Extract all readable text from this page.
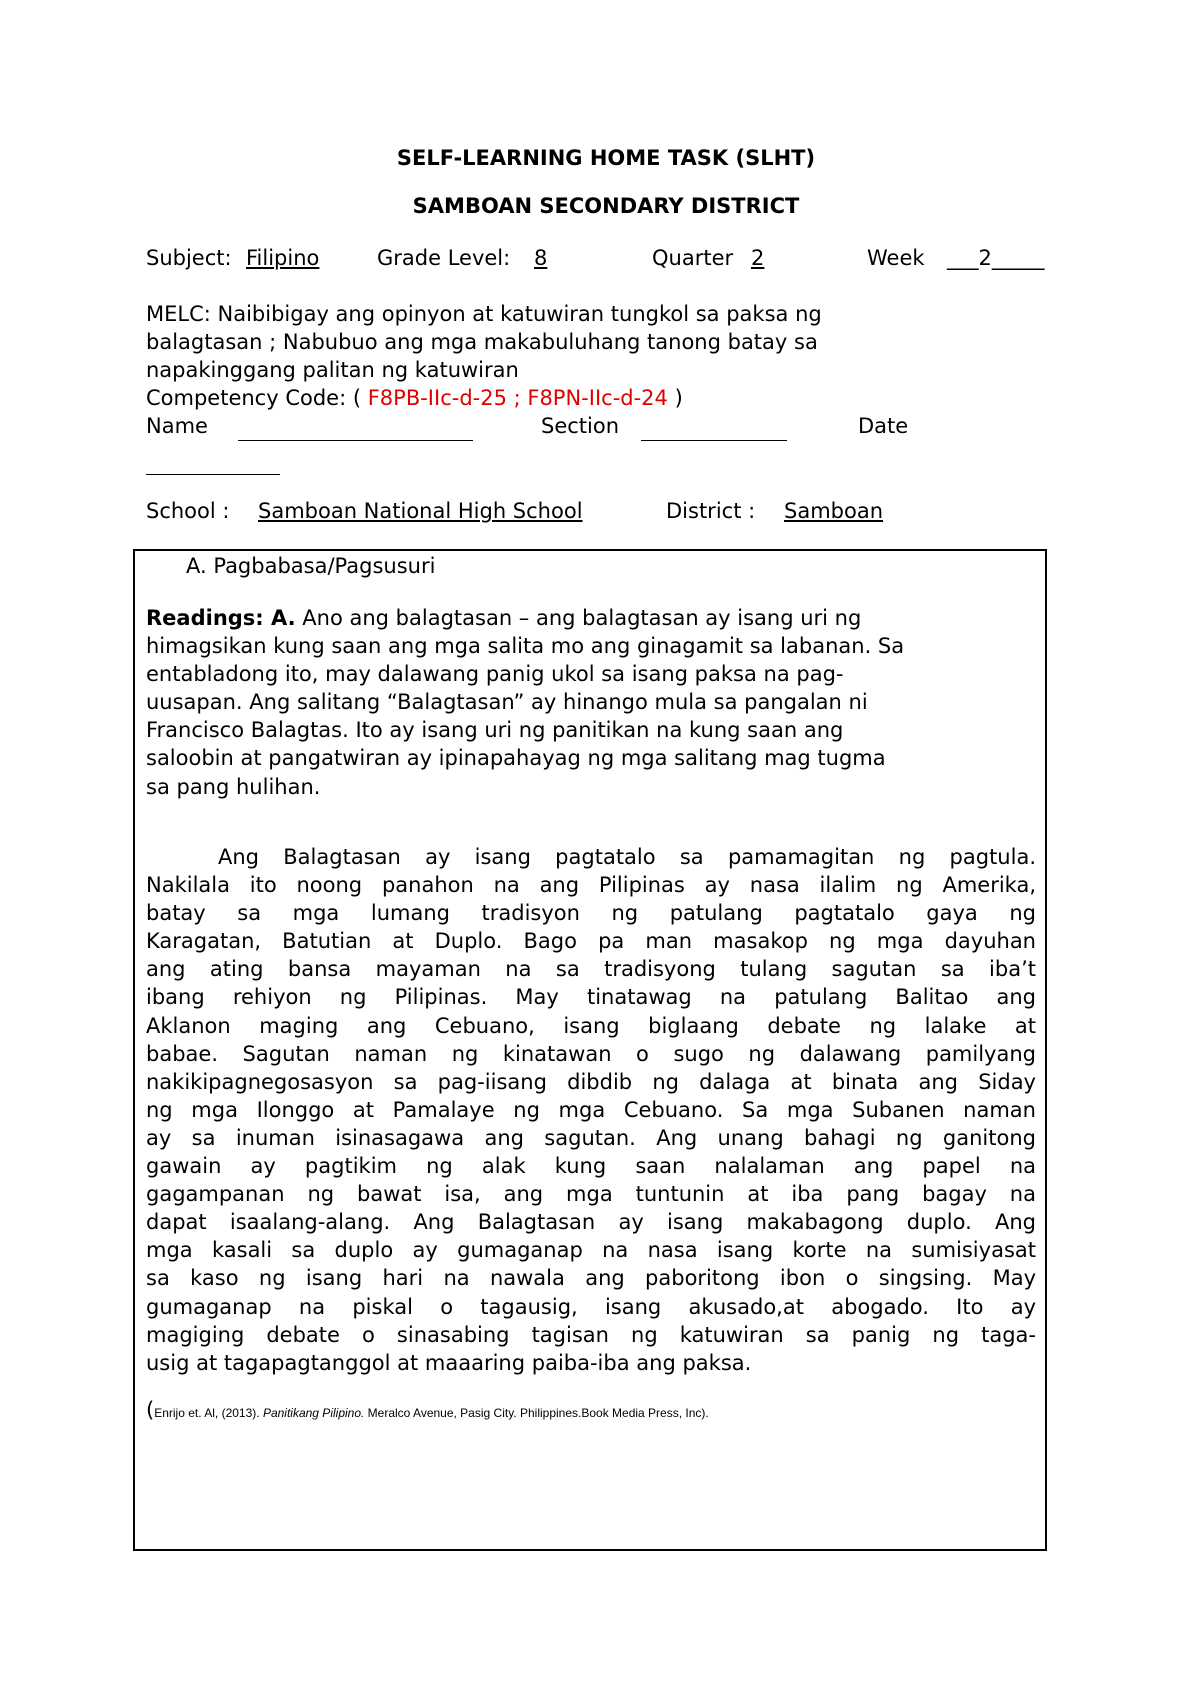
SELF-LEARNING HOME TASK (SLHT)
SAMBOAN SECONDARY DISTRICT
Subject: Filipino	Grade Level: 8	Quarter 2	Week ___2_____
MELC: Naibibigay ang opinyon at katuwiran tungkol sa paksa ng
balagtasan ; Nabubuo ang mga makabuluhang tanong batay sa
napakinggang palitan ng katuwiran
Competency Code: ( F8PB-IIc-d-25 ; F8PN-IIc-d-24 )
Name	Section	Date
School : Samboan National High School	District : Samboan
A. Pagbabasa/Pagsusuri
Readings: A. Ano ang balagtasan – ang balagtasan ay isang uri ng
himagsikan kung saan ang mga salita mo ang ginagamit sa labanan. Sa
entabladong ito, may dalawang panig ukol sa isang paksa na pag-
uusapan. Ang salitang “Balagtasan” ay hinango mula sa pangalan ni
Francisco Balagtas. Ito ay isang uri ng panitikan na kung saan ang
saloobin at pangatwiran ay ipinapahayag ng mga salitang mag tugma
sa pang hulihan.
Ang Balagtasan ay isang pagtatalo sa pamamagitan ng pagtula.
Nakilala ito noong panahon na ang Pilipinas ay nasa ilalim ng Amerika,
batay sa mga lumang tradisyon ng patulang pagtatalo gaya ng
Karagatan, Batutian at Duplo. Bago pa man masakop ng mga dayuhan
ang ating bansa mayaman na sa tradisyong tulang sagutan sa iba’t
ibang rehiyon ng Pilipinas. May tinatawag na patulang Balitao ang
Aklanon maging ang Cebuano, isang biglaang debate ng lalake at
babae. Sagutan naman ng kinatawan o sugo ng dalawang pamilyang
nakikipagnegosasyon sa pag-iisang dibdib ng dalaga at binata ang Siday
ng mga Ilonggo at Pamalaye ng mga Cebuano. Sa mga Subanen naman
ay sa inuman isinasagawa ang sagutan. Ang unang bahagi ng ganitong
gawain ay pagtikim ng alak kung saan nalalaman ang papel na
gagampanan ng bawat isa, ang mga tuntunin at iba pang bagay na
dapat isaalang-alang. Ang Balagtasan ay isang makabagong duplo. Ang
mga kasali sa duplo ay gumaganap na nasa isang korte na sumisiyasat
sa kaso ng isang hari na nawala ang paboritong ibon o singsing. May
gumaganap na piskal o tagausig, isang akusado,at abogado. Ito ay
magiging debate o sinasabing tagisan ng katuwiran sa panig ng taga-
usig at tagapagtanggol at maaaring paiba-iba ang paksa.
(Enrijo et. Al, (2013). Panitikang Pilipino. Meralco Avenue, Pasig City. Philippines.Book Media Press, Inc).
